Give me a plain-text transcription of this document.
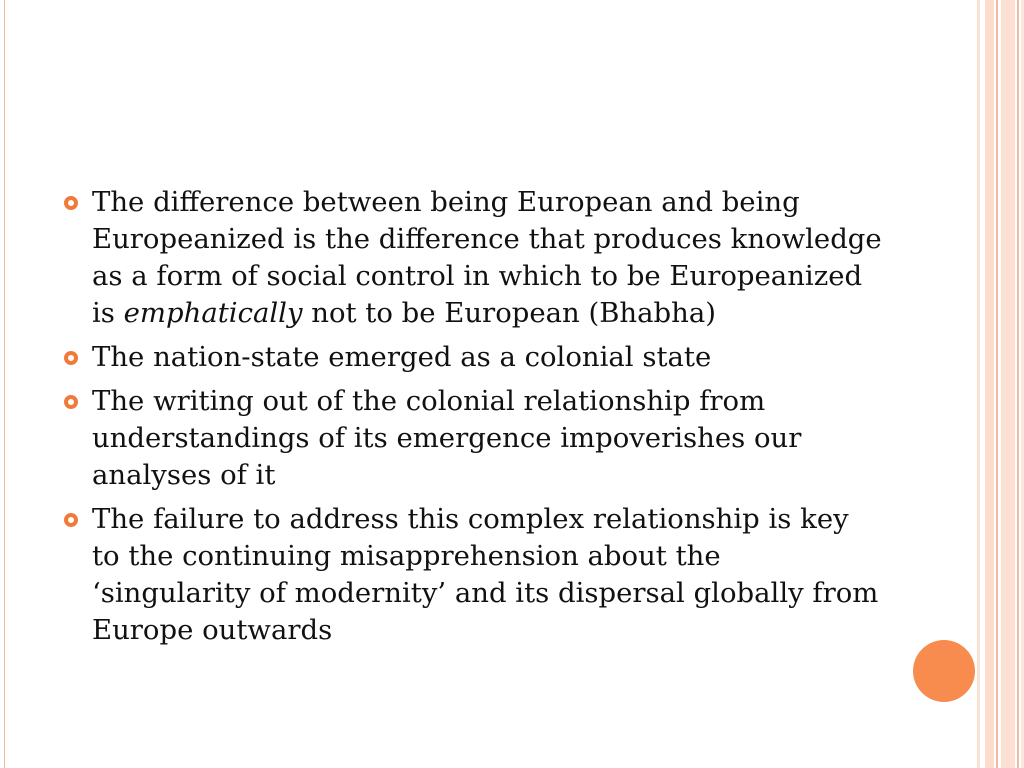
The difference between being European and being Europeanized is the difference that produces knowledge as a form of social control in which to be Europeanized is emphatically not to be European (Bhabha)
The nation-state emerged as a colonial state
The writing out of the colonial relationship from understandings of its emergence impoverishes our analyses of it
The failure to address this complex relationship is key to the continuing misapprehension about the ‘singularity of modernity’ and its dispersal globally from Europe outwards
